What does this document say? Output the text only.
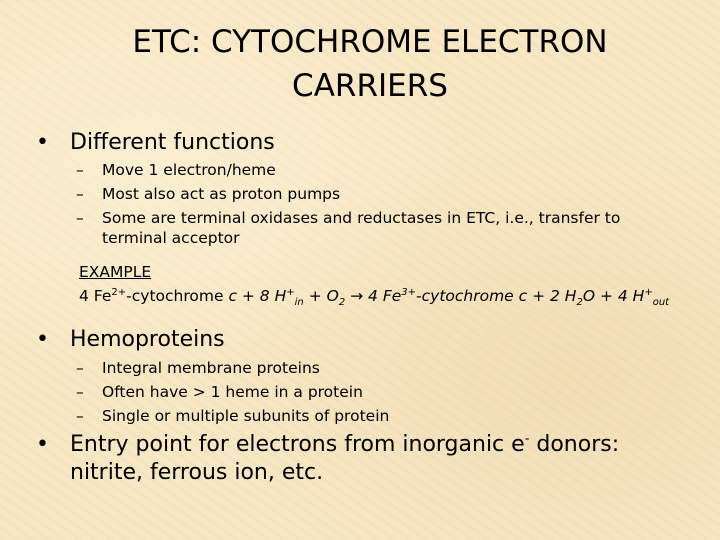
ETC: CYTOCHROME ELECTRON
CARRIERS
• Different functions
– Move 1 electron/heme
– Most also act as proton pumps
– Some are terminal oxidases and reductases in ETC, i.e., transfer to
terminal acceptor
EXAMPLE
4 $Fe^{2+}$-cytochrome c + 8 $H^+_{in} + O_2 \to 4$ $Fe^{3+}$-cytochrome c + 2 $H_2O + 4$ $H^+_{out}$
• Hemoproteins
– Integral membrane proteins
– Often have > 1 heme in a protein
– Single or multiple subunits of protein
• Entry point for electrons from inorganic e- donors:
nitrite, ferrous ion, etc.
